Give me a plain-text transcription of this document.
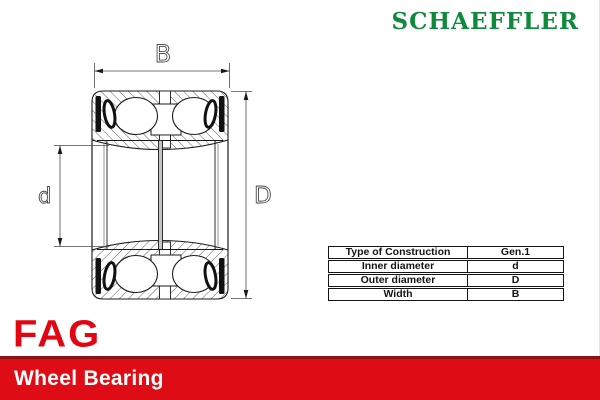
SCHAEFFLER
B
d	D
Type of Construction	Gen.1
Inner diameter	d
Outer diameter	D
Width	B
FAG
Wheel Bearing
